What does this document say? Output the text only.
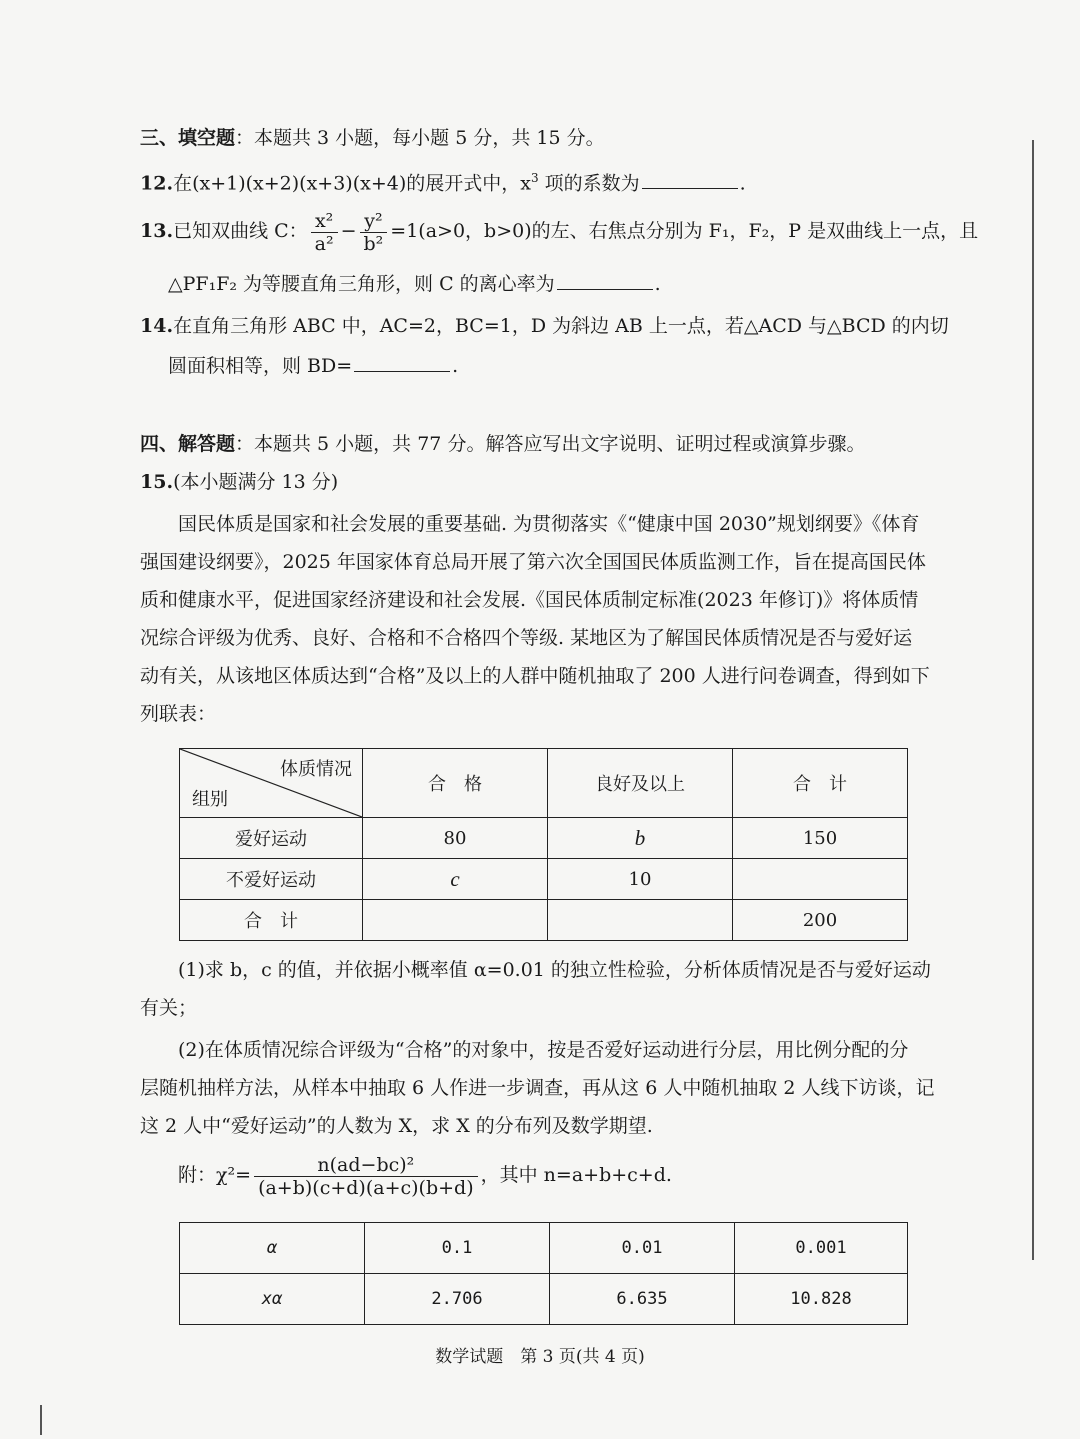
三、填空题：本题共 3 小题，每小题 5 分，共 15 分。
12.在(x+1)(x+2)(x+3)(x+4)的展开式中，$x^3$ 项的系数为	.
13.已知双曲线 C： $\frac{\text{x²}}{\text{a²}} - \frac{\text{y²}}{\text{b²}} =1(a>0$，b>0)的左、右焦点分别为 F₁，F₂，P 是双曲线上一点，且
△PF₁F₂ 为等腰直角三角形，则 C 的离心率为	.
14.在直角三角形 ABC 中，AC=2，BC=1，D 为斜边 AB 上一点，若△ACD 与△BCD 的内切
圆面积相等，则 BD=	.
四、解答题：本题共 5 小题，共 77 分。解答应写出文字说明、证明过程或演算步骤。
15.(本小题满分 13 分)
国民体质是国家和社会发展的重要基础. 为贯彻落实《“健康中国 2030”规划纲要》《体育
强国建设纲要》，2025 年国家体育总局开展了第六次全国国民体质监测工作，旨在提高国民体
质和健康水平，促进国家经济建设和社会发展.《国民体质制定标准(2023 年修订)》将体质情
况综合评级为优秀、良好、合格和不合格四个等级. 某地区为了解国民体质情况是否与爱好运
动有关，从该地区体质达到“合格”及以上的人群中随机抽取了 200 人进行问卷调查，得到如下
列联表：
体质情况
组别	合　格	良好及以上	合　计
爱好运动	80	b	150
不爱好运动	c	10	
合　计			200
(1)求 b，c 的值，并依据小概率值 α=0.01 的独立性检验，分析体质情况是否与爱好运动
有关；
(2)在体质情况综合评级为“合格”的对象中，按是否爱好运动进行分层，用比例分配的分
层随机抽样方法，从样本中抽取 6 人作进一步调查，再从这 6 人中随机抽取 2 人线下访谈，记
这 2 人中“爱好运动”的人数为 X，求 X 的分布列及数学期望.
附：$\chi^2= \frac{\text{n(ad−bc)²}}{(a+b)(c+d)(a+c)(b+d)}$ ，其中 n=a+b+c+d.
α	0.1	0.01	0.001
xα	2.706	6.635	10.828
数学试题　第 3 页(共 4 页)
